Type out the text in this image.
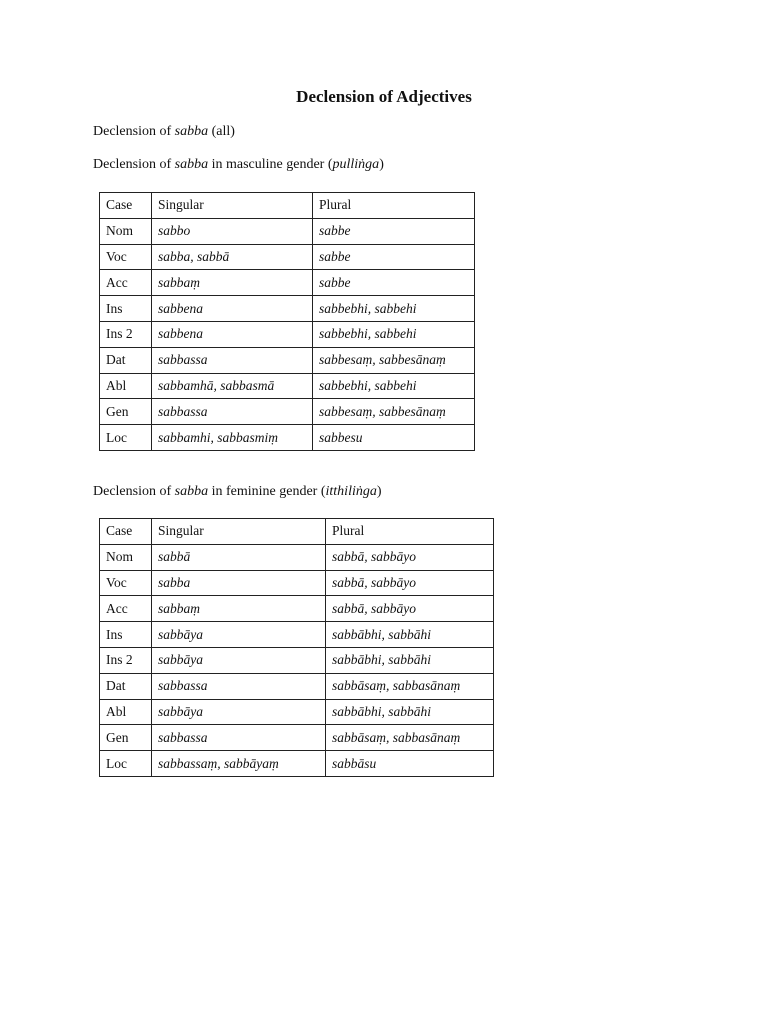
Declension of Adjectives
Declension of sabba (all)
Declension of sabba in masculine gender (pulliṅga)
Case	Singular	Plural
Nom	sabbo	sabbe
Voc	sabba, sabbā	sabbe
Acc	sabbaṃ	sabbe
Ins	sabbena	sabbebhi, sabbehi
Ins 2	sabbena	sabbebhi, sabbehi
Dat	sabbassa	sabbesaṃ, sabbesānaṃ
Abl	sabbamhā, sabbasmā	sabbebhi, sabbehi
Gen	sabbassa	sabbesaṃ, sabbesānaṃ
Loc	sabbamhi, sabbasmiṃ	sabbesu
Declension of sabba in feminine gender (itthiliṅga)
Case	Singular	Plural
Nom	sabbā	sabbā, sabbāyo
Voc	sabba	sabbā, sabbāyo
Acc	sabbaṃ	sabbā, sabbāyo
Ins	sabbāya	sabbābhi, sabbāhi
Ins 2	sabbāya	sabbābhi, sabbāhi
Dat	sabbassa	sabbāsaṃ, sabbasānaṃ
Abl	sabbāya	sabbābhi, sabbāhi
Gen	sabbassa	sabbāsaṃ, sabbasānaṃ
Loc	sabbassaṃ, sabbāyaṃ	sabbāsu
